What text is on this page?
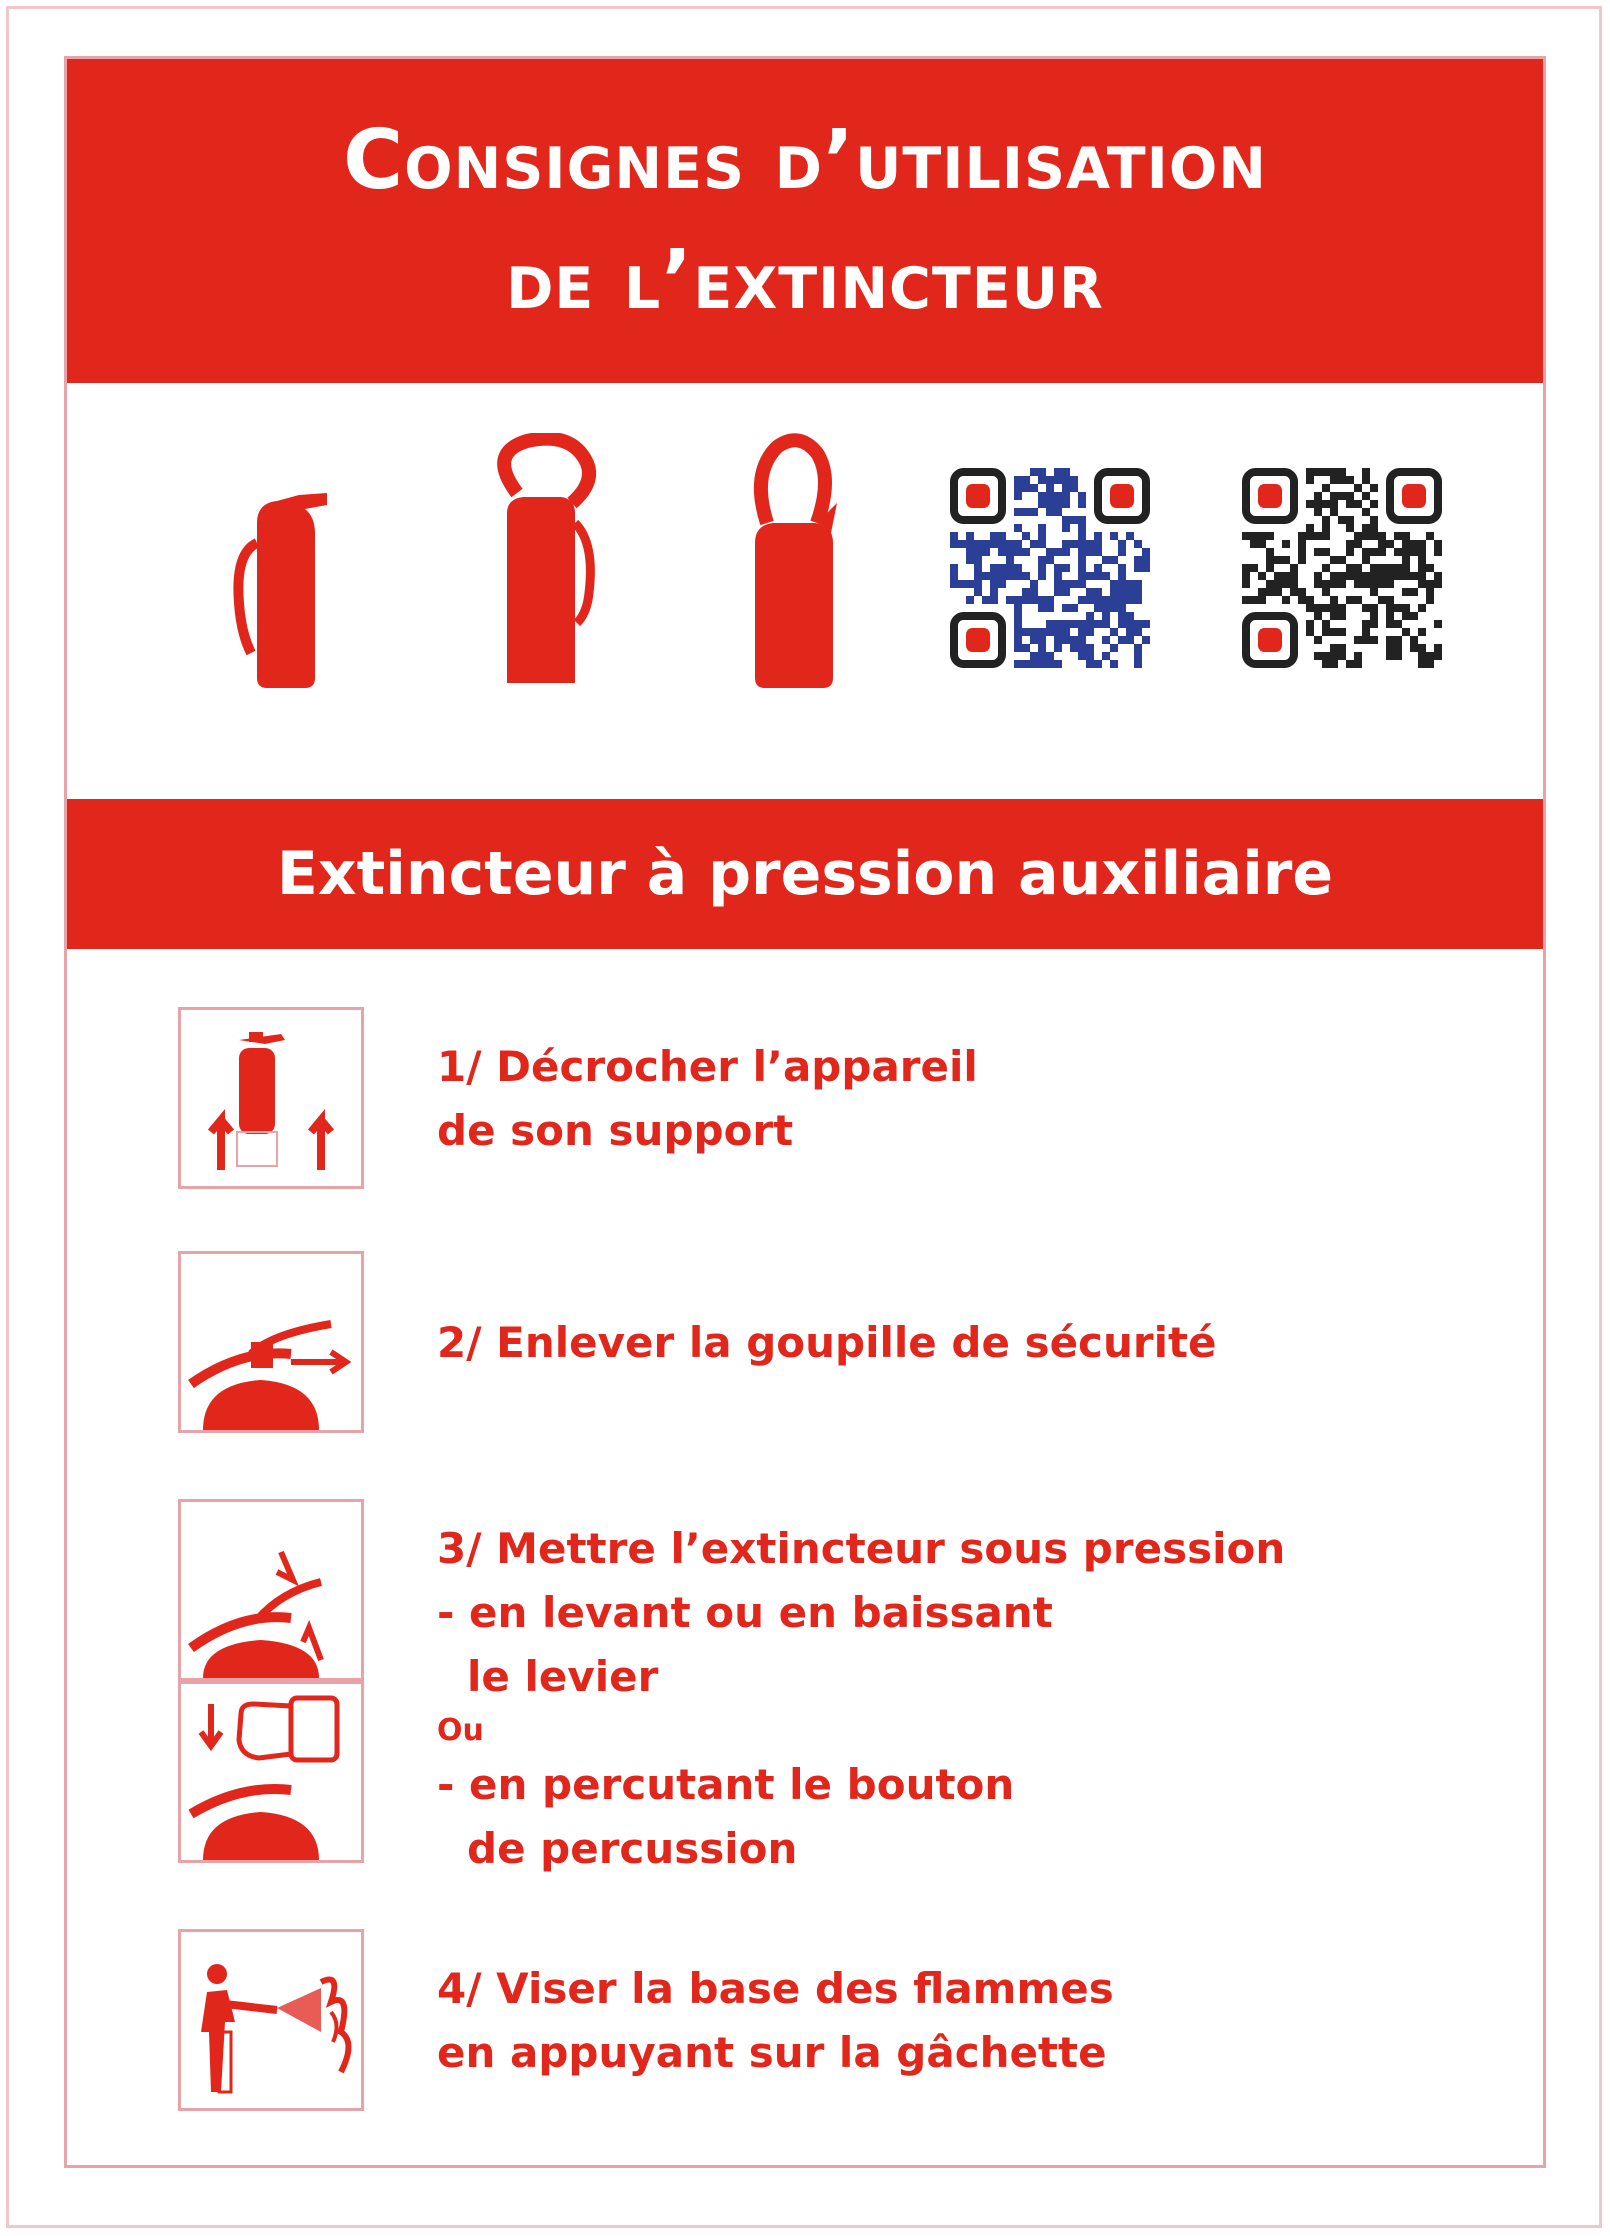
Consignes d’utilisation
de l’extincteur
Extincteur à pression auxiliaire
1/ Décrocher l’appareil
de son support
2/ Enlever la goupille de sécurité
3/ Mettre l’extincteur sous pression
- en levant ou en baissant
le levier
Ou
- en percutant le bouton
de percussion
4/ Viser la base des flammes
en appuyant sur la gâchette
